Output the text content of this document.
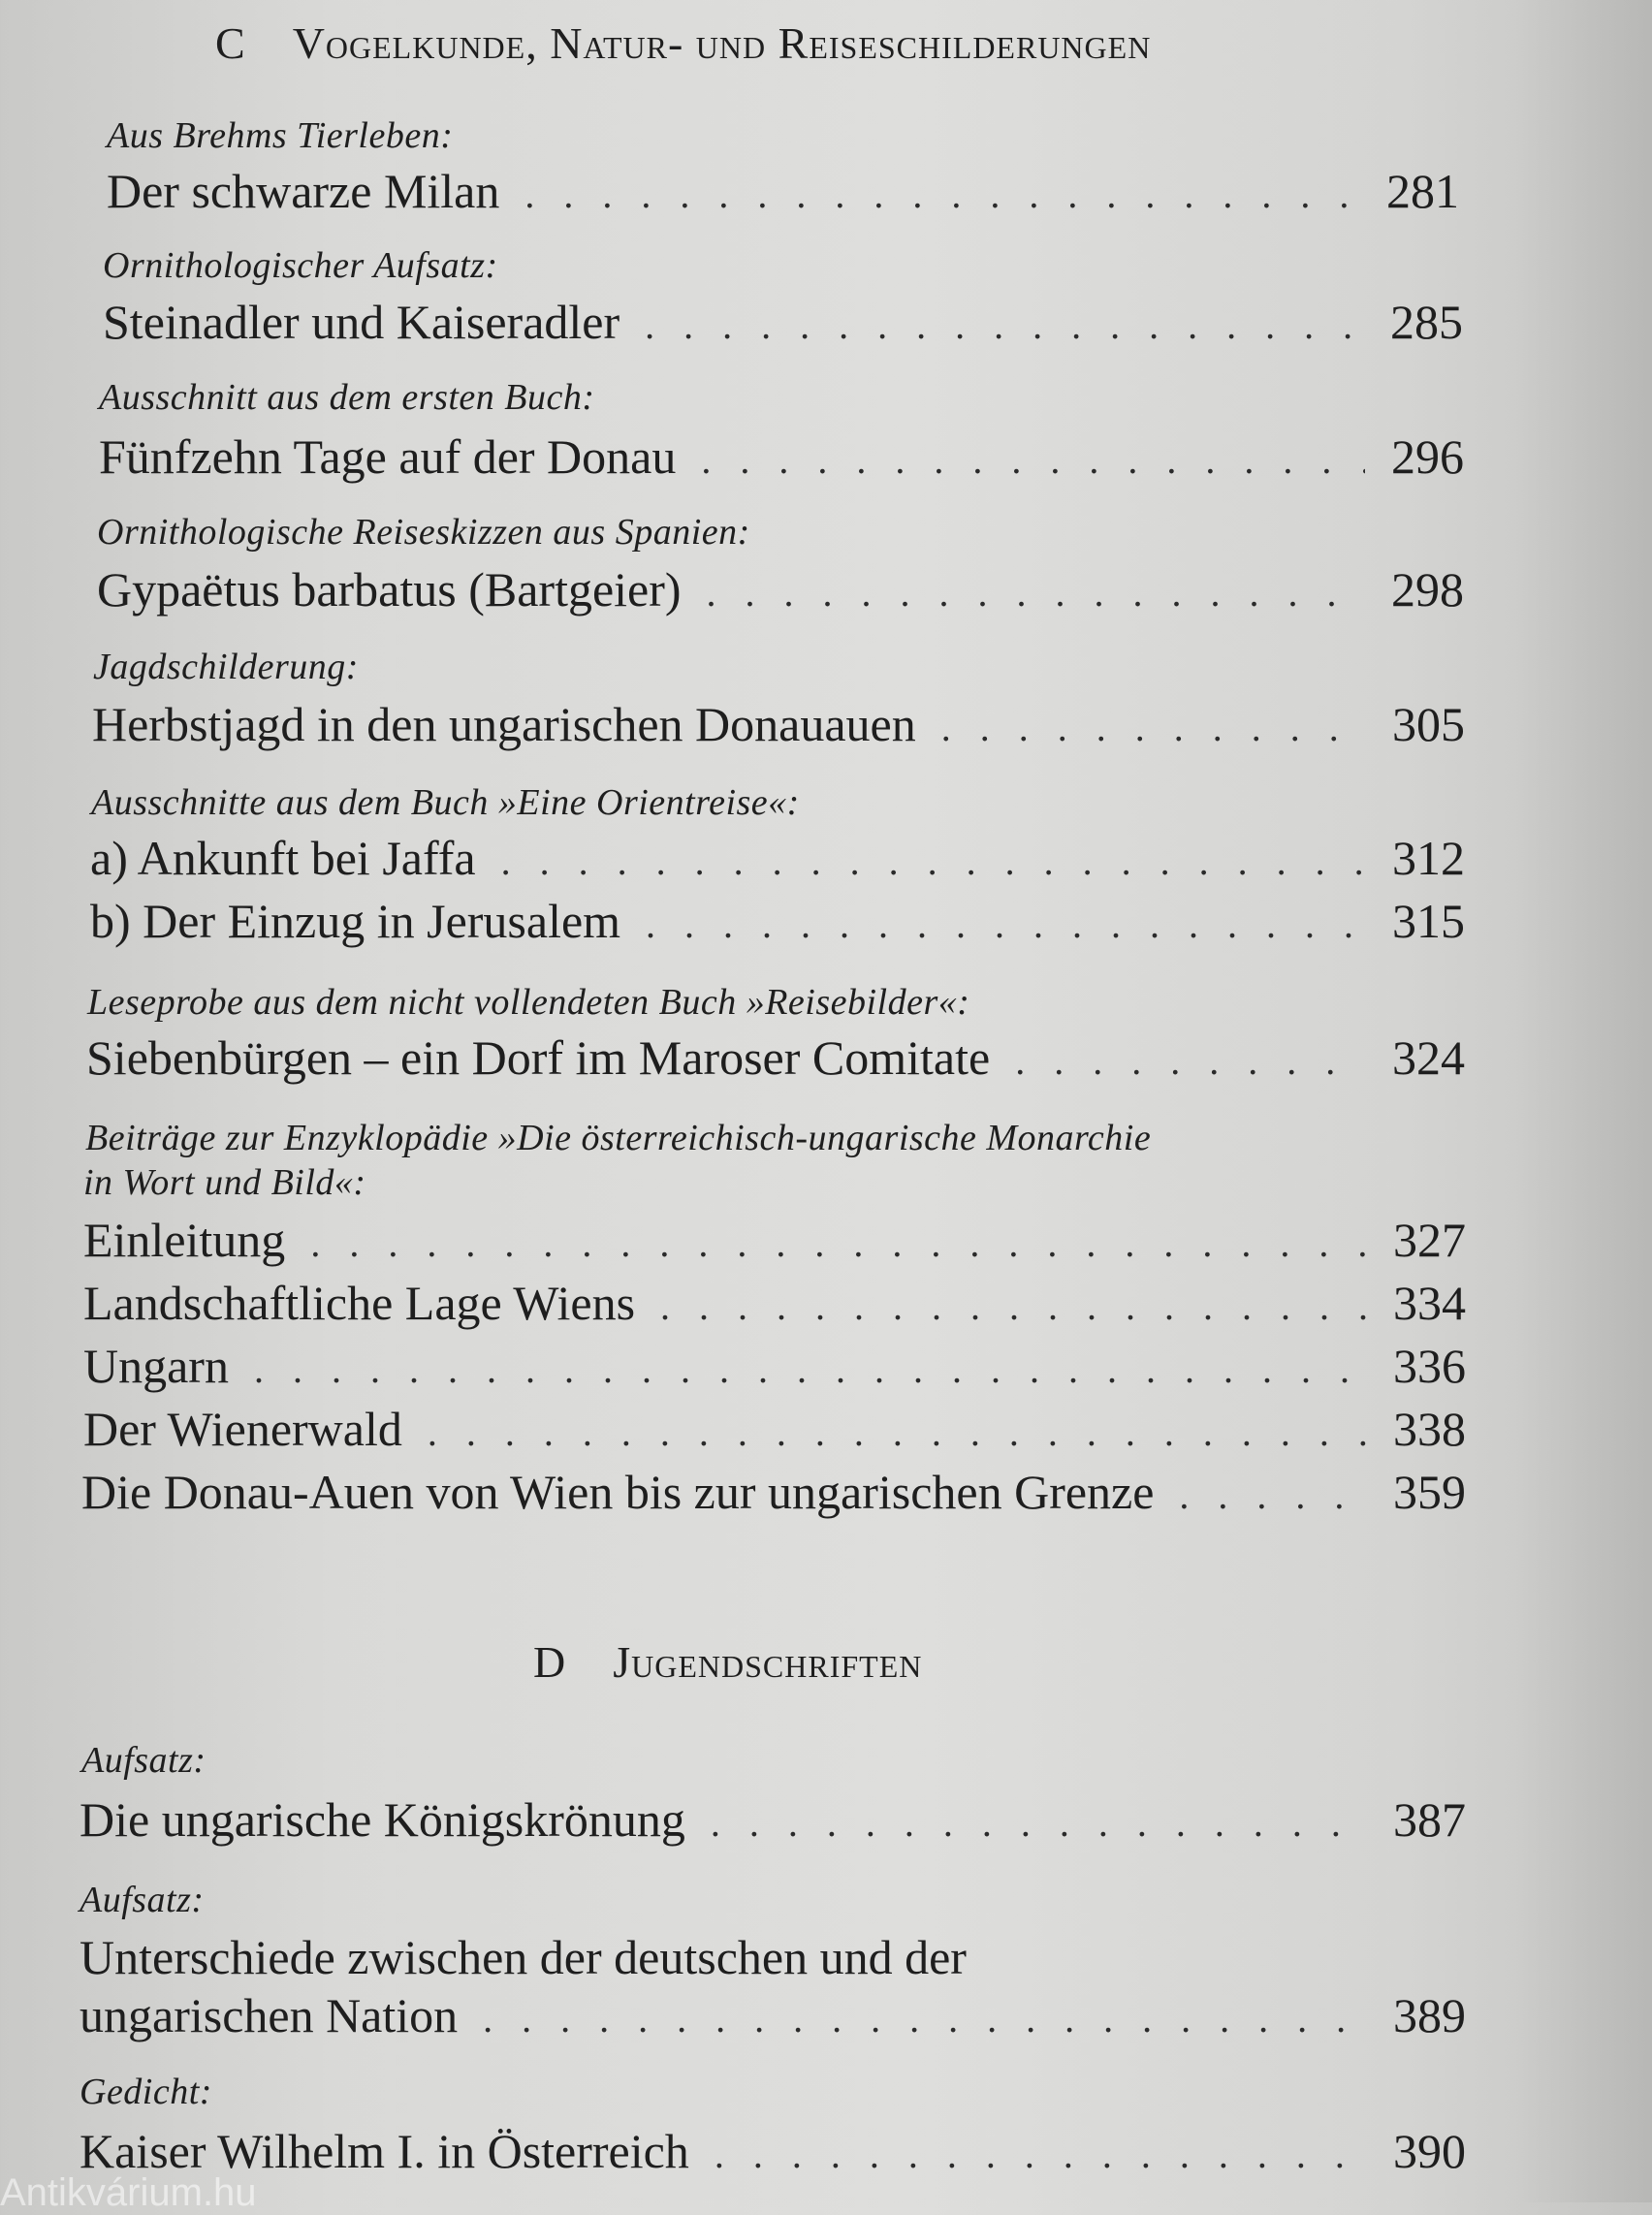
C Vogelkunde, Natur- und Reiseschilderungen
Aus Brehms Tierleben:
Der schwarze Milan . . .	281
Ornithologischer Aufsatz:
Steinadler und Kaiseradler . . .	285
Ausschnitt aus dem ersten Buch:
Fünfzehn Tage auf der Donau . . .	296
Ornithologische Reiseskizzen aus Spanien:
Gypaëtus barbatus (Bartgeier) . . .	298
Jagdschilderung:
Herbstjagd in den ungarischen Donauauen . . .	305
Ausschnitte aus dem Buch »Eine Orientreise«:
a) Ankunft bei Jaffa . . .	312
b) Der Einzug in Jerusalem . . .	315
Leseprobe aus dem nicht vollendeten Buch »Reisebilder«:
Siebenbürgen – ein Dorf im Maroser Comitate . . .	324
Beiträge zur Enzyklopädie »Die österreichisch-ungarische Monarchie
in Wort und Bild«:
Einleitung . . .	327
Landschaftliche Lage Wiens . . .	334
Ungarn . . .	336
Der Wienerwald . . .	338
Die Donau-Auen von Wien bis zur ungarischen Grenze . . .	359
D Jugendschriften
Aufsatz:
Die ungarische Königskrönung . . .	387
Aufsatz:
Unterschiede zwischen der deutschen und der
ungarischen Nation . . .	389
Gedicht:
Kaiser Wilhelm I. in Österreich . . .	390
Antikvárium.hu
